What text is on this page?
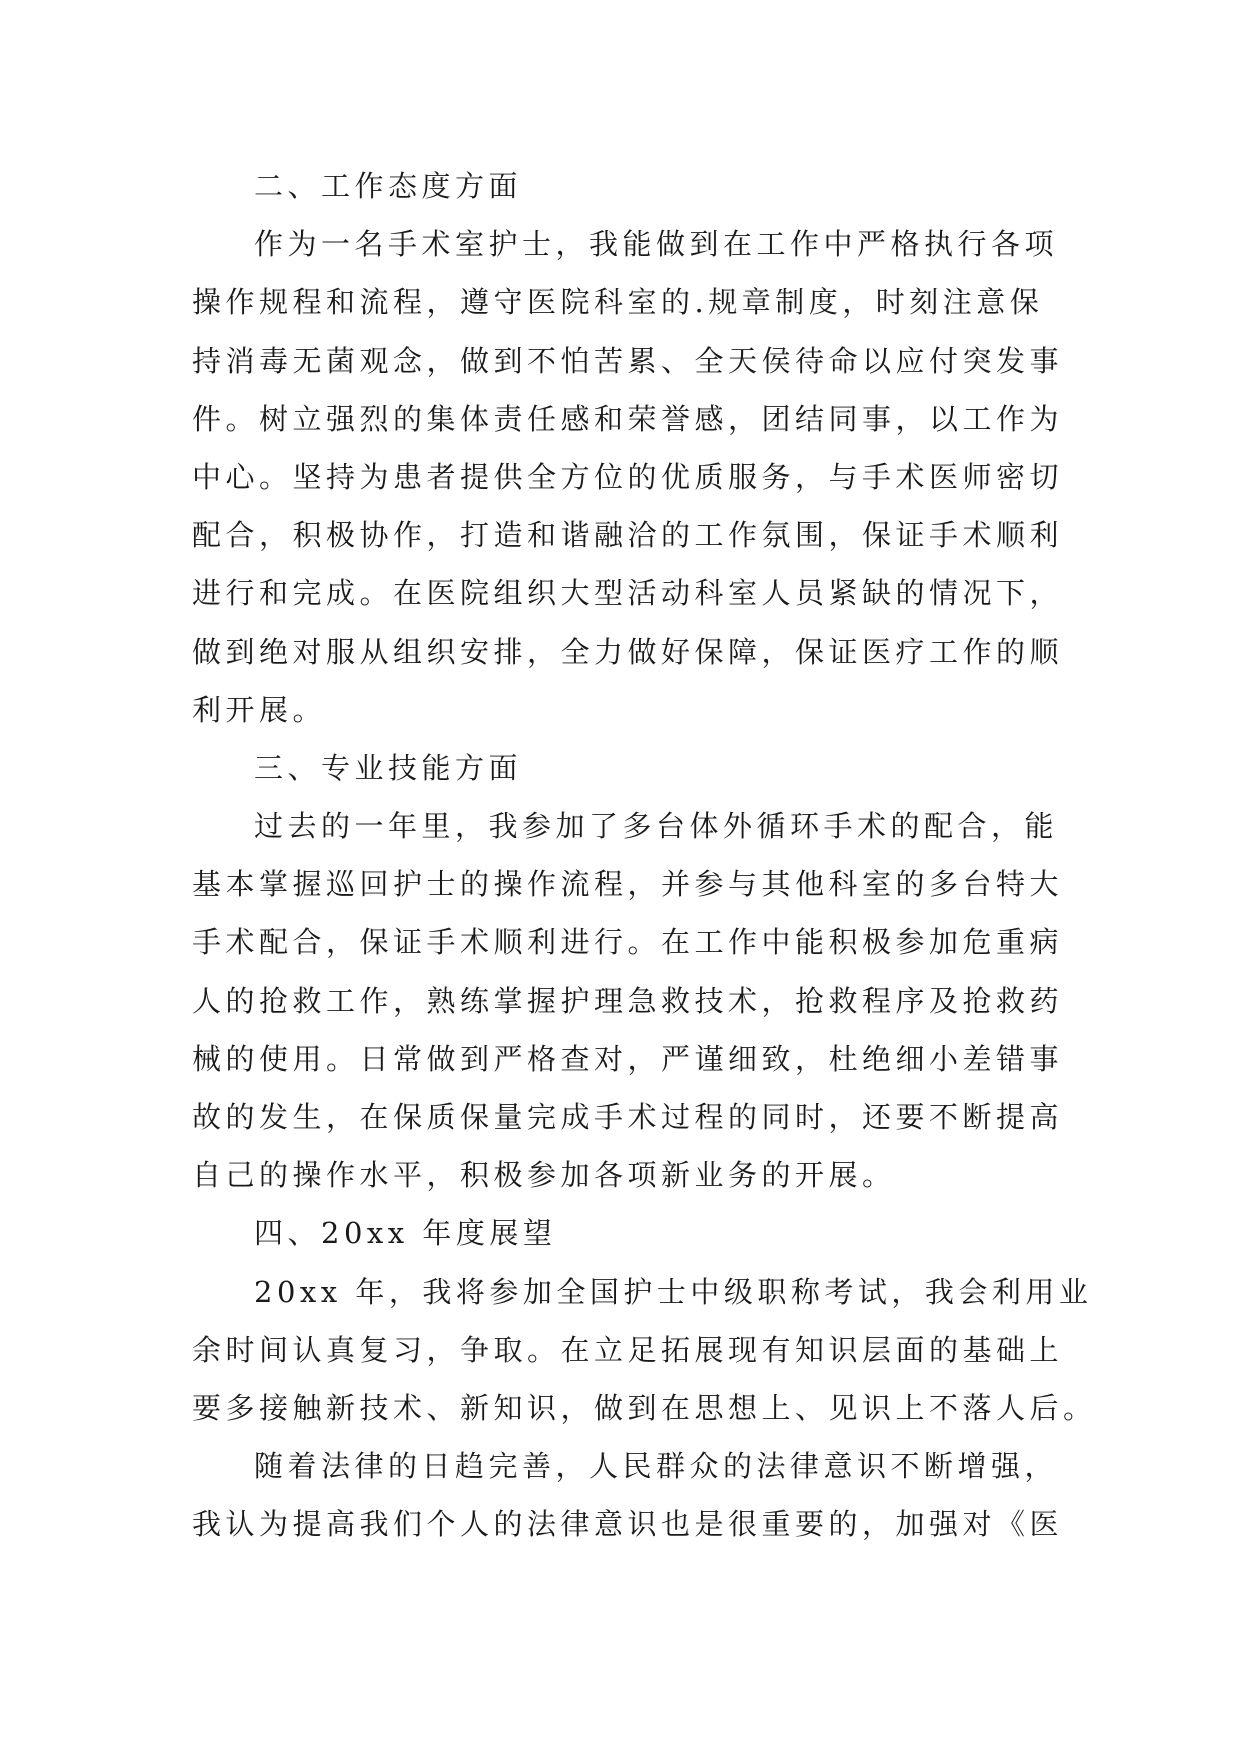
二、工作态度方面
作为一名手术室护士，我能做到在工作中严格执行各项
操作规程和流程，遵守医院科室的.规章制度，时刻注意保
持消毒无菌观念，做到不怕苦累、全天侯待命以应付突发事
件。树立强烈的集体责任感和荣誉感，团结同事，以工作为
中心。坚持为患者提供全方位的优质服务，与手术医师密切
配合，积极协作，打造和谐融洽的工作氛围，保证手术顺利
进行和完成。在医院组织大型活动科室人员紧缺的情况下，
做到绝对服从组织安排，全力做好保障，保证医疗工作的顺
利开展。
三、专业技能方面
过去的一年里，我参加了多台体外循环手术的配合，能
基本掌握巡回护士的操作流程，并参与其他科室的多台特大
手术配合，保证手术顺利进行。在工作中能积极参加危重病
人的抢救工作，熟练掌握护理急救技术，抢救程序及抢救药
械的使用。日常做到严格查对，严谨细致，杜绝细小差错事
故的发生，在保质保量完成手术过程的同时，还要不断提高
自己的操作水平，积极参加各项新业务的开展。
四、20xx 年度展望
20xx 年，我将参加全国护士中级职称考试，我会利用业
余时间认真复习，争取。在立足拓展现有知识层面的基础上
要多接触新技术、新知识，做到在思想上、见识上不落人后。
随着法律的日趋完善，人民群众的法律意识不断增强，
我认为提高我们个人的法律意识也是很重要的，加强对《医
